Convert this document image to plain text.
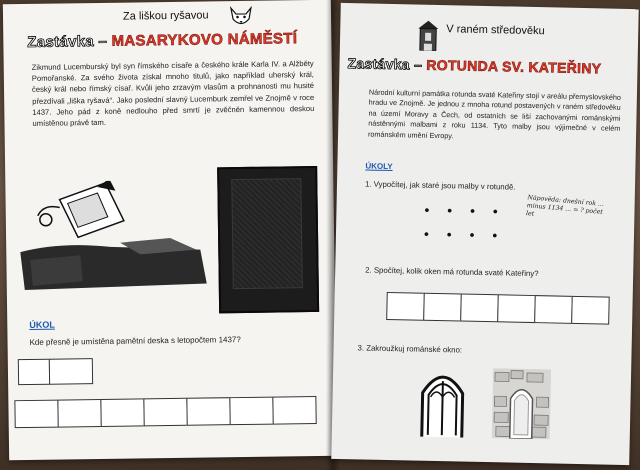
Za liškou ryšavou
Zastávka – MASARYKOVO NÁMĚSTÍ
Zikmund Lucemburský byl syn římského císaře a českého krále Karla IV. a Alžběty Pomořanské. Za svého života získal mnoho titulů, jako například uherský král, český král nebo římský císař. Kvůli jeho zrzavým vlasům a prohnanosti mu husité přezdívali „liška ryšavá“. Jako poslední slavný Lucemburk zemřel ve Znojmě v roce 1437. Jeho pád z koně nedlouho před smrtí je zvěčněn kamennou deskou umístěnou právě tam.
ÚKOL
Kde přesně je umístěna pamětní deska s letopočtem 1437?
V raném středověku
Zastávka – ROTUNDA SV. KATEŘINY
Národní kulturní památka rotunda svaté Kateřiny stojí v areálu přemyslovského hradu ve Znojmě. Je jednou z mnoha rotund postavených v raném středověku na území Moravy a Čech, od ostatních se liší zachovanými románskými nástěnnými malbami z roku 1134. Tyto malby jsou výjimečné v celém románském umění Evropy.
ÚKOLY
1. Vypočítej, jak staré jsou malby v rotundě.
• • • •
• • • •
Nápověda: dnešní rok ... minus 1134 ... = ? počet let
2. Spočítej, kolik oken má rotunda svaté Kateřiny?
3. Zakroužkuj románské okno:
